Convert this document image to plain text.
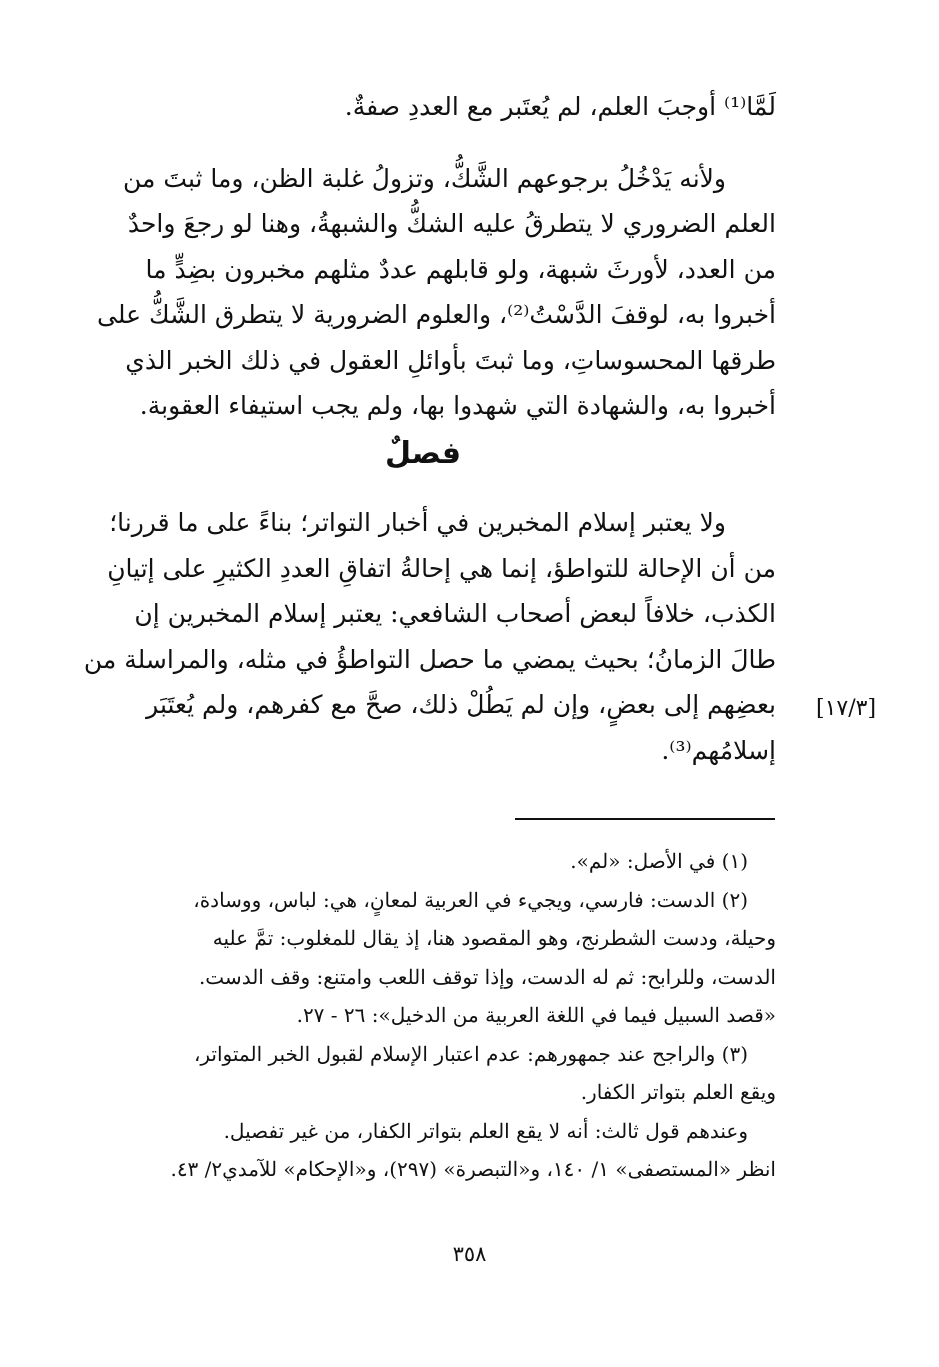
لَمَّا⁽¹⁾ أوجبَ العلم، لم يُعتَبر مع العددِ صفةٌ.
ولأنه يَدْخُلُ برجوعهم الشَّكُّ، وتزولُ غلبة الظن، وما ثبتَ من
العلم الضروري لا يتطرقُ عليه الشكُّ والشبهةُ، وهنا لو رجعَ واحدٌ
من العدد، لأورثَ شبهة، ولو قابلهم عددٌ مثلهم مخبرون بضِدٍّ ما
أخبروا به، لوقفَ الدَّسْتُ⁽²⁾، والعلوم الضرورية لا يتطرق الشَّكُّ على
طرقها المحسوساتِ، وما ثبتَ بأوائلِ العقول في ذلك الخبر الذي
أخبروا به، والشهادة التي شهدوا بها، ولم يجب استيفاء العقوبة.
فصلٌ
ولا يعتبر إسلام المخبرين في أخبار التواتر؛ بناءً على ما قررنا؛
من أن الإحالة للتواطؤ، إنما هي إحالةُ اتفاقِ العددِ الكثيرِ على إتيانِ
الكذب، خلافاً لبعض أصحاب الشافعي: يعتبر إسلام المخبرين إن
طالَ الزمانُ؛ بحيث يمضي ما حصل التواطؤُ في مثله، والمراسلة من
بعضِهم إلى بعضٍ، وإن لم يَطُلْ ذلك، صحَّ مع كفرهم، ولم يُعتَبَر
إسلامُهم⁽³⁾.
[١٧/٣]
(١) في الأصل: «لم».
(٢) الدست: فارسي، ويجيء في العربية لمعانٍ، هي: لباس، ووسادة،
وحيلة، ودست الشطرنج، وهو المقصود هنا، إذ يقال للمغلوب: تمَّ عليه
الدست، وللرابح: ثم له الدست، وإذا توقف اللعب وامتنع: وقف الدست.
«قصد السبيل فيما في اللغة العربية من الدخيل»: ٢٦ - ٢٧.
(٣) والراجح عند جمهورهم: عدم اعتبار الإسلام لقبول الخبر المتواتر،
ويقع العلم بتواتر الكفار.
وعندهم قول ثالث: أنه لا يقع العلم بتواتر الكفار، من غير تفصيل.
انظر «المستصفى» ١/ ١٤٠، و«التبصرة» (٢٩٧)، و«الإحكام» للآمدي٢/ ٤٣.
٣٥٨
